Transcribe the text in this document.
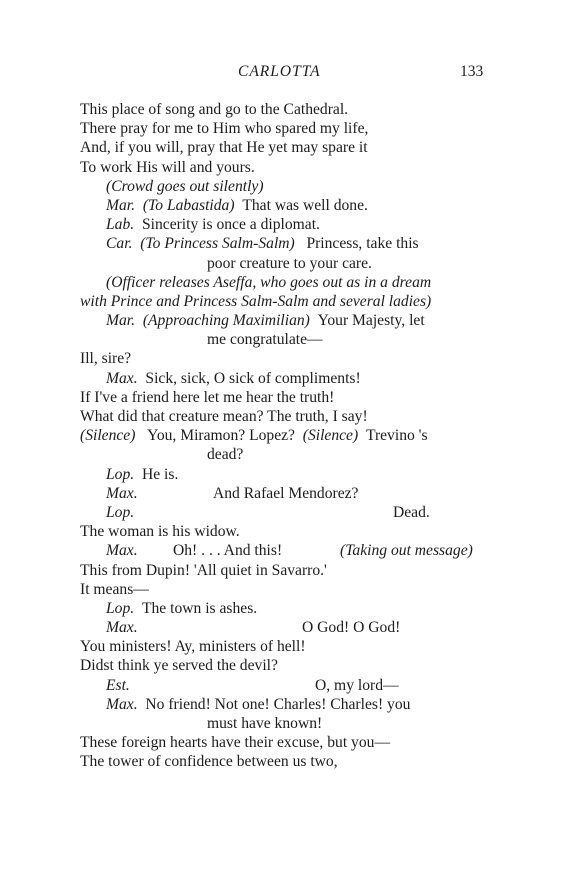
CARLOTTA	133
This place of song and go to the Cathedral.
There pray for me to Him who spared my life,
And, if you will, pray that He yet may spare it
To work His will and yours.
(Crowd goes out silently)
Mar. (To Labastida) That was well done.
Lab. Sincerity is once a diplomat.
Car. (To Princess Salm-Salm) Princess, take this
poor creature to your care.
(Officer releases Aseffa, who goes out as in a dream
with Prince and Princess Salm-Salm and several ladies)
Mar. (Approaching Maximilian) Your Majesty, let
me congratulate—
Ill, sire?
Max. Sick, sick, O sick of compliments!
If I've a friend here let me hear the truth!
What did that creature mean? The truth, I say!
(Silence) You, Miramon? Lopez? (Silence) Trevino 's
dead?
Lop. He is.
Max.	And Rafael Mendorez?
Lop.	Dead.
The woman is his widow.
Max. Oh! . . . And this!	(Taking out message)
This from Dupin! 'All quiet in Savarro.'
It means—
Lop. The town is ashes.
Max.	O God! O God!
You ministers! Ay, ministers of hell!
Didst think ye served the devil?
Est.	O, my lord—
Max. No friend! Not one! Charles! Charles! you
must have known!
These foreign hearts have their excuse, but you—
The tower of confidence between us two,
